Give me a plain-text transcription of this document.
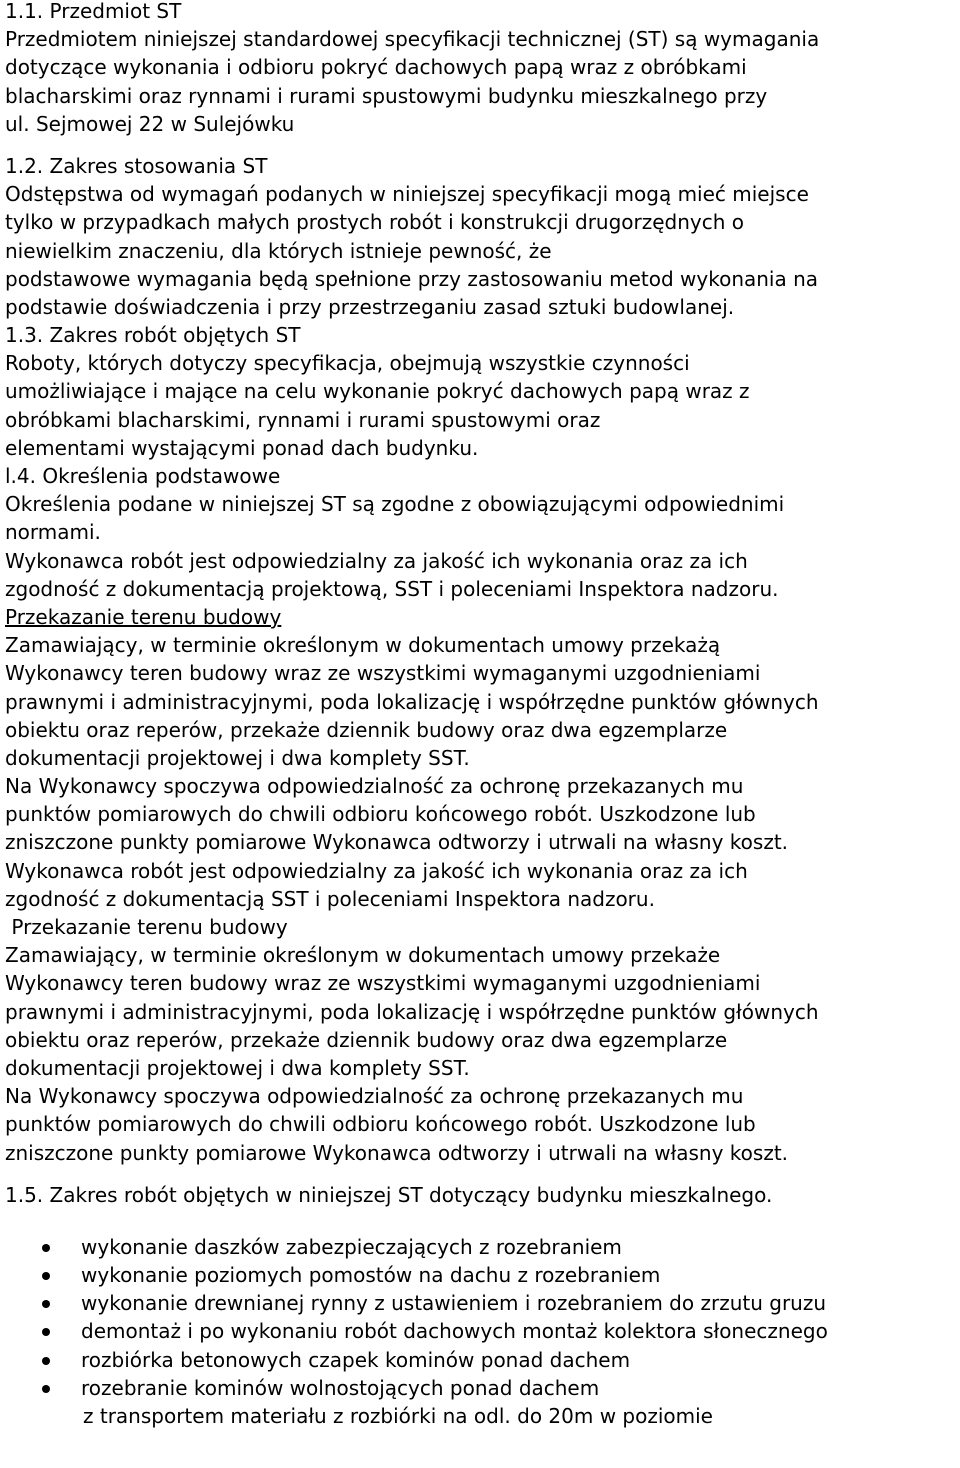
1.1. Przedmiot ST
Przedmiotem niniejszej standardowej specyfikacji technicznej (ST) są wymagania
dotyczące wykonania i odbioru pokryć dachowych papą wraz z obróbkami
blacharskimi oraz rynnami i rurami spustowymi budynku mieszkalnego przy
ul. Sejmowej 22 w Sulejówku
1.2. Zakres stosowania ST
Odstępstwa od wymagań podanych w niniejszej specyfikacji mogą mieć miejsce
tylko w przypadkach małych prostych robót i konstrukcji drugorzędnych o
niewielkim znaczeniu, dla których istnieje pewność, że
podstawowe wymagania będą spełnione przy zastosowaniu metod wykonania na
podstawie doświadczenia i przy przestrzeganiu zasad sztuki budowlanej.
1.3. Zakres robót objętych ST
Roboty, których dotyczy specyfikacja, obejmują wszystkie czynności
umożliwiające i mające na celu wykonanie pokryć dachowych papą wraz z
obróbkami blacharskimi, rynnami i rurami spustowymi oraz
elementami wystającymi ponad dach budynku.
l.4. Określenia podstawowe
Określenia podane w niniejszej ST są zgodne z obowiązującymi odpowiednimi
normami.
Wykonawca robót jest odpowiedzialny za jakość ich wykonania oraz za ich
zgodność z dokumentacją projektową, SST i poleceniami Inspektora nadzoru.
Przekazanie terenu budowy
Zamawiający, w terminie określonym w dokumentach umowy przekażą
Wykonawcy teren budowy wraz ze wszystkimi wymaganymi uzgodnieniami
prawnymi i administracyjnymi, poda lokalizację i współrzędne punktów głównych
obiektu oraz reperów, przekaże dziennik budowy oraz dwa egzemplarze
dokumentacji projektowej i dwa komplety SST.
Na Wykonawcy spoczywa odpowiedzialność za ochronę przekazanych mu
punktów pomiarowych do chwili odbioru końcowego robót. Uszkodzone lub
zniszczone punkty pomiarowe Wykonawca odtworzy i utrwali na własny koszt.
Wykonawca robót jest odpowiedzialny za jakość ich wykonania oraz za ich
zgodność z dokumentacją SST i poleceniami Inspektora nadzoru.
Przekazanie terenu budowy
Zamawiający, w terminie określonym w dokumentach umowy przekaże
Wykonawcy teren budowy wraz ze wszystkimi wymaganymi uzgodnieniami
prawnymi i administracyjnymi, poda lokalizację i współrzędne punktów głównych
obiektu oraz reperów, przekaże dziennik budowy oraz dwa egzemplarze
dokumentacji projektowej i dwa komplety SST.
Na Wykonawcy spoczywa odpowiedzialność za ochronę przekazanych mu
punktów pomiarowych do chwili odbioru końcowego robót. Uszkodzone lub
zniszczone punkty pomiarowe Wykonawca odtworzy i utrwali na własny koszt.
1.5. Zakres robót objętych w niniejszej ST dotyczący budynku mieszkalnego.
wykonanie daszków zabezpieczających z rozebraniem
wykonanie poziomych pomostów na dachu z rozebraniem
wykonanie drewnianej rynny z ustawieniem i rozebraniem do zrzutu gruzu
demontaż i po wykonaniu robót dachowych montaż kolektora słonecznego
rozbiórka betonowych czapek kominów ponad dachem
rozebranie kominów wolnostojących ponad dachem
z transportem materiału z rozbiórki na odl. do 20m w poziomie
